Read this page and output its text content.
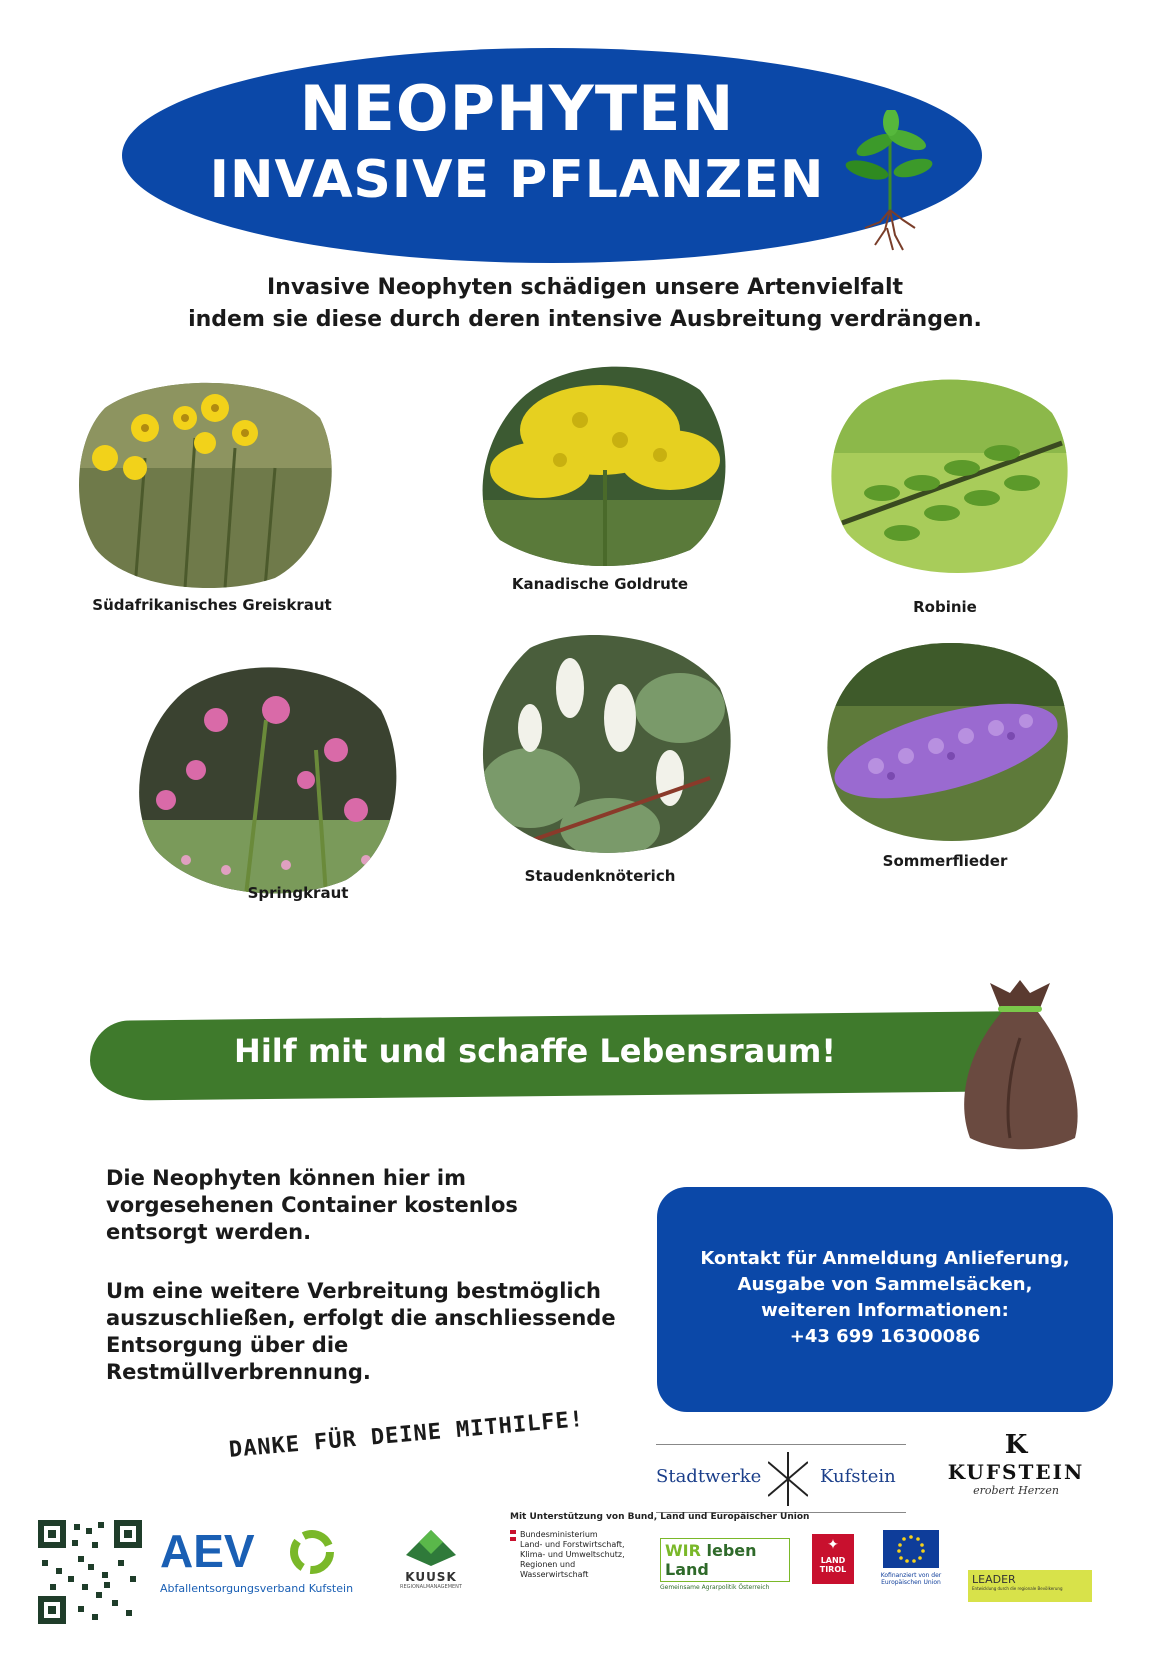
NEOPHYTEN
INVASIVE PFLANZEN
Invasive Neophyten schädigen unsere Artenvielfalt
indem sie diese durch deren intensive Ausbreitung verdrängen.
Südafrikanisches Greiskraut
Kanadische Goldrute
Robinie
Springkraut
Staudenknöterich
Sommerflieder
Hilf mit und schaffe Lebensraum!
Die Neophyten können hier im
vorgesehenen Container kostenlos
entsorgt werden.
Um eine weitere Verbreitung bestmöglich
auszuschließen, erfolgt die anschliessende
Entsorgung über die
Restmüllverbrennung.
Kontakt für Anmeldung Anlieferung,
Ausgabe von Sammelsäcken,
weiteren Informationen:
+43 699 16300086
DANKE FÜR DEINE MITHILFE!
Stadtwerke	Kufstein
K
KUFSTEIN
erobert Herzen
AEV
Abfallentsorgungsverband Kufstein
KUUSK
REGIONALMANAGEMENT
Mit Unterstützung von Bund, Land und Europäischer Union
Bundesministerium
Land- und Forstwirtschaft,
Klima- und Umweltschutz,
Regionen und Wasserwirtschaft
WIR leben Land
Gemeinsame Agrarpolitik Österreich
✦
LAND
TIROL
Kofinanziert von der
Europäischen Union	LEADER
Entwicklung durch die regionale Bevölkerung
